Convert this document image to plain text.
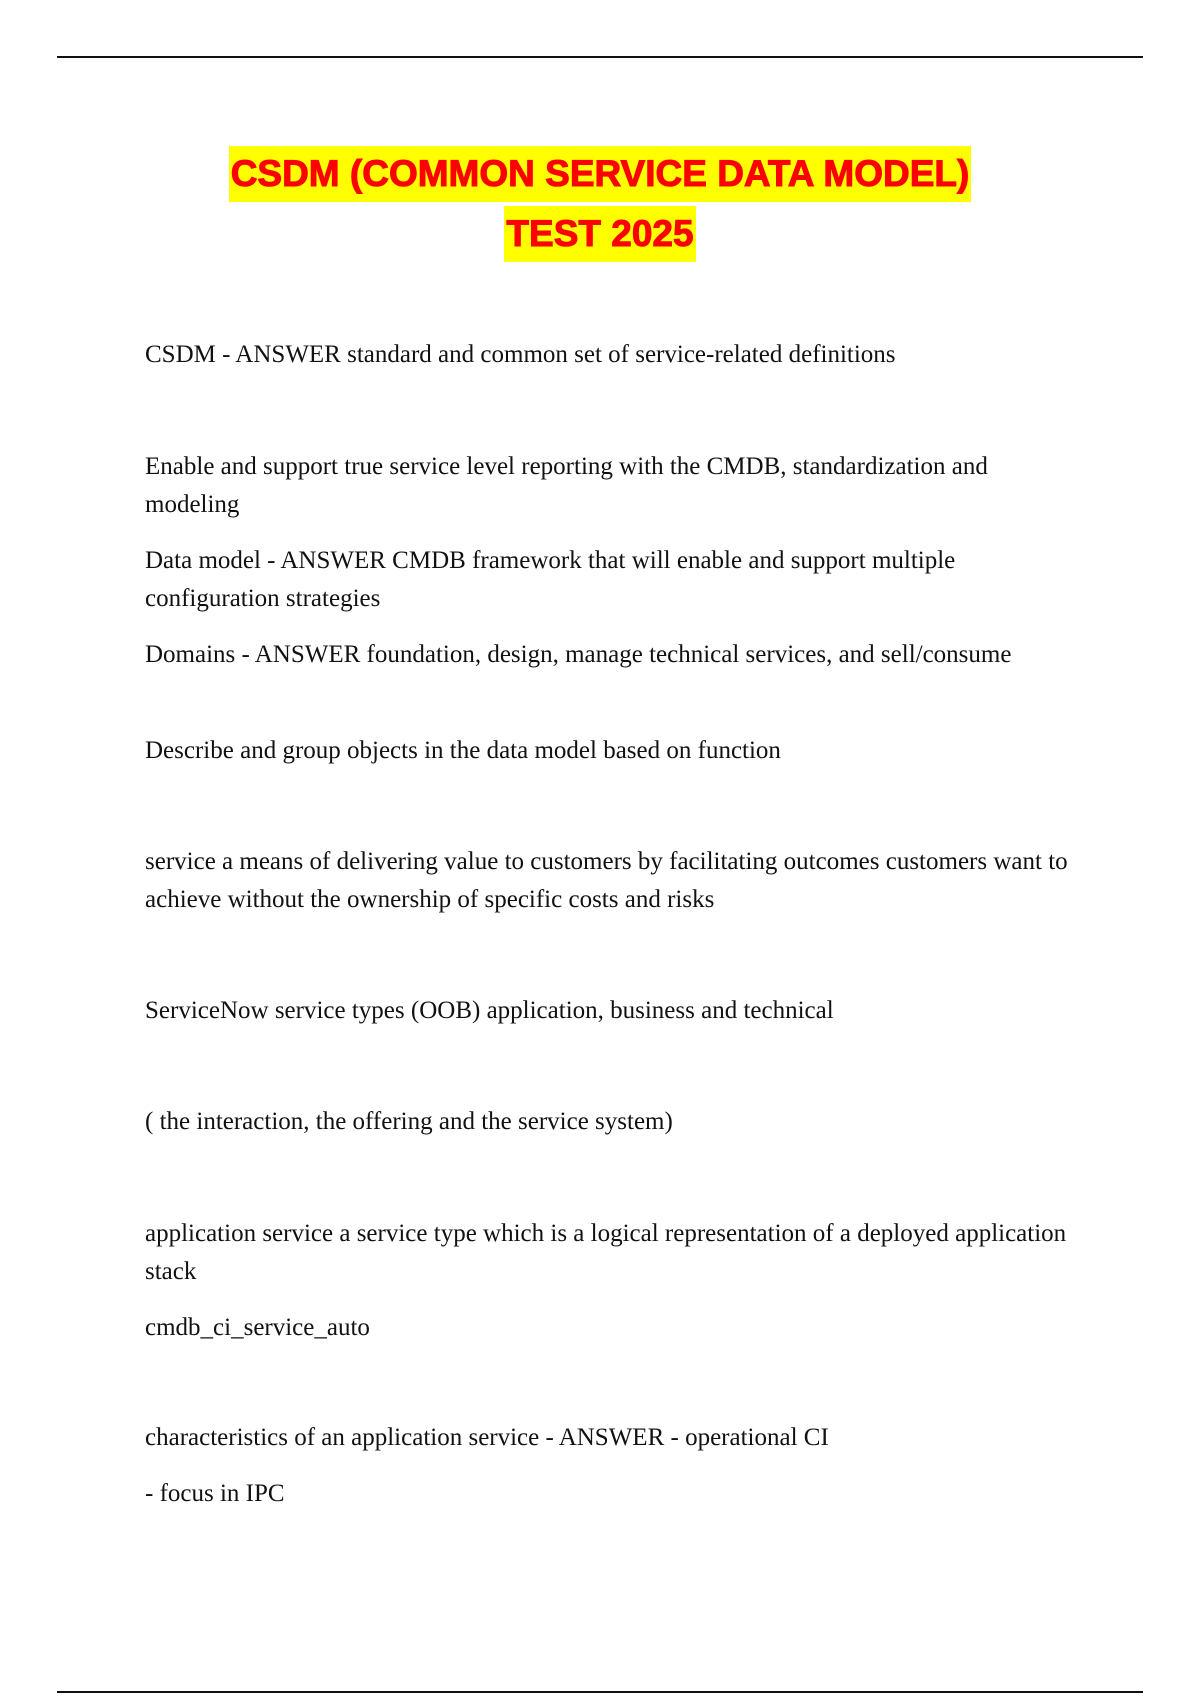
CSDM (COMMON SERVICE DATA MODEL)
TEST 2025
CSDM - ANSWER standard and common set of service-related definitions
Enable and support true service level reporting with the CMDB, standardization and modeling
Data model - ANSWER CMDB framework that will enable and support multiple configuration strategies
Domains - ANSWER foundation, design, manage technical services, and sell/consume
Describe and group objects in the data model based on function
service a means of delivering value to customers by facilitating outcomes customers want to achieve without the ownership of specific costs and risks
ServiceNow service types (OOB) application, business and technical
( the interaction, the offering and the service system)
application service a service type which is a logical representation of a deployed application stack
cmdb_ci_service_auto
characteristics of an application service - ANSWER - operational CI
- focus in IPC
